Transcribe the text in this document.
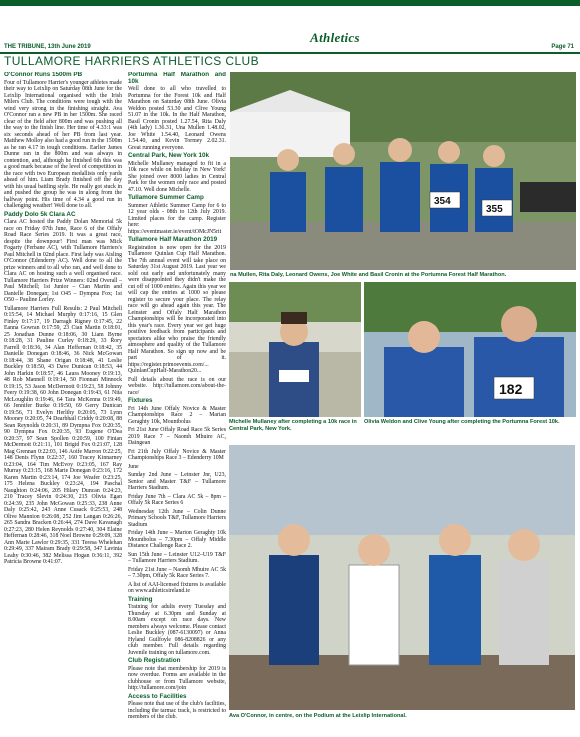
Athletics
THE TRIBUNE, 13th June 2019	Page 71
TULLAMORE HARRIERS ATHLETICS CLUB
O'Connor Runs 1500m PB

Four of Tullamore Harrier's younger athletes made their way to Leixlip on Saturday 08th June for the Leixlip International organised with the Irish Milers Club. The conditions were tough with the wind very strong in the finishing straight. Ava O'Connor ran a new PB in her 1500m. She raced clear of the field after 800m and was pushing all the way to the finish line. Her time of 4.33:1 was six seconds ahead of her PB from last year. Matthew Molloy also had a good run in the 1500m as he ran 4.17 in tough conditions. Earlier James Dunne ran in the 800m and was always in contention, and, although he finished 6th this was a good mark because of the level of competition in the race with two European medallists only yards ahead of him. Liam Brady finished off the day with his usual battling style. He really got stuck in and pushed the group he was in along from the halfway point. His time of 4.34 a good run in challenging weather! Well done to all.

Paddy Dolo 5k Clara AC

Clara AC hosted the Paddy Dolan Memorial 5k race on Friday 07th June, Race 6 of the Offaly Road Race Series 2019. It was a great race, despite the downpour! First man was Mick Fogarty (Ferbane AC), with Tullamore Harriers's Paul Mitchell in 02nd place. First lady was Aisling O'Connor (Edenderry AC). Well done to all the prize winners and to all who ran, and well done to Clara AC on hosting such a well organised race. Tullamore Harriers Prize Winners: 02nd Overall – Paul Mitchell; 1st Junior – Cian Martin and Danielle Donegan; 1st O45 – Dympna Fox; 1st O50 – Pauline Lorley.

Tullamore Harriers Full Results: 2 Paul Mitchell 0:15:54, 14 Michael Murphy 0:17:16, 15 Glen Finley 0:17:17, 19 Darragh Rigney 0:17:45, 22 Eanna Gowran 0:17:59, 23 Cian Martin 0:18:01, 25 Jonathan Dunne 0:18:06, 30 Liam Byrne 0:18:28, 31 Pauline Curley 0:18:29, 33 Rory Farrell 0:18:36, 34 Alan Heffernan 0:18:42, 35 Danielle Donegan 0:18:46, 36 Nick McGowan 0:18:44, 38 Shane Origan 0:18:48, 41 Leslie Buckley 0:18:50, 43 Dave Dunican 0:18:53, 44 John Harkin 0:18:57, 46 Laura Mooney 0:19:13, 48 Rob Mannell 0:19:14, 50 Fionnan Minnock 0:19:15, 53 Jason McDermott 0:19:23, 58 Johnny Feery 0:19:38, 60 John Donegan 0:19:43, 61 Nita McLoughlin 0:19:46, 64 Tara McKenna 0:19:49, 66 Jennifer Burke 0:19:50, 69 Gerry Dunican 0:19:56, 71 Evelyn Herlihy 0:20:05, 73 Lynn Mooney 0:20:05, 74 Dearbhail Criddy 0:20:08, 88 Sean Reynolds 0:20:31, 89 Dympna Fox 0:20:35, 90 Dympna Fox 0:20:35, 93 Eugene O'Dea 0:20:37, 97 Sean Spollen 0:20:59, 100 Finian McDermott 0:21:11, 101 Brigid Fox 0:21:07, 128 Mag Grennan 0:22:03, 146 Aoife Marron 0:22:25, 148 Denis Flynn 0:22:37, 160 Tracey Kinnarney 0:23:04, 164 Tim McEvoy 0:23:05, 167 Ray Murray 0:23:15, 168 Marie Donegan 0:23:16, 172 Karen Martin 0:23:14, 174 Joe Weafer 0:23:25, 175 Helena Buckley 0:23:24, 194 Paschal Naughton 0:24:06, 205 Hilary Duncan 0:24:23, 210 Tracey Slevin 0:24:30, 215 Olivia Egan 0:24:39, 235 John McGowan 0:25:33, 238 Anne Daly 0:25:42, 243 Anne Cusack 0:25:53, 248 Olive Mannion 0:26:08, 252 Jim Langan 0:26:26, 265 Sandra Bracken 0:26:44, 274 Dave Kavanagh 0:27:23, 280 Helen Reynolds 0:27:40, 304 Elaine Heffernan 0:28:46, 318 Noel Browne 0:29:09, 328 Ann Marie Lawlor 0:29:35, 331 Teresa Whelehan 0:29:49, 337 Mairam Brady 0:29:58, 347 Lavinia Leahy 0:30:46, 382 Melissa Hogan 0:36:11, 392 Patricia Browne 0:41:07.

Portumna Half Marathon and 10k

Well done to all who travelled to Portumna for the Forest 10k and Half Marathon on Saturday 08th June. Olivia Weldon posted 53.30 and Clive Young 51.07 in the 10k. In the Half Marathon, Basil Cronin posted 1.27.54, Rita Daly (4th lady) 1.36.31, Una Mullen 1.48.02, Joe White 1.54.40, Leonard Owens 1.54.40, and Kevin Tormey 2.02.31. Great running everyone.

Central Park, New York 10k

Michelle Mullaney managed to fit in a 10k race while on holiday in New York! She joined over 8000 ladies in Central Park for the women only race and posted 47.10. Well done Michelle.

Tullamore Summer Camp

Summer Athletic Summer Camp for 6 to 12 year olds - 08th to 12th July 2019. Limited places for the camp. Register here: https://eventmaster.ie/event/tOMcJN5rit

Tullamore Half Marathon 2019

Registration is now open for the 2019 Tullamore Quinlan Cup Half Marathon. The 7th annual event will take place on Saturday 31st August 2019. Last year we sold out early and unfortunately many were disappointed they didn't make the cut off of 1000 entries. Again this year we will cap the entries at 1000 so please register to secure your place. The relay race will go ahead again this year. The Leinster and Offaly Half Marathon Championships will be incorporated into this year's race. Every year we get huge positive feedback from participants and spectators alike who praise the friendly atmosphere and quality of the Tullamore Half Marathon. So sign up now and be part of it. https://register.primoevents.com/... QuinlanCupHalf-Marathon20...

Full details about the race is on our website. http://tullamore.com/about-the-race/

Fixtures

Fri 14th June Offaly Novice & Master Championships Race 2 – Marian Geraghty 10k, Mountbolus

Fri 21st June Offaly Road Race 5k Series 2019 Race 7 – Naomh Mhuire AC, Daingean

Fri 21th July Offaly Novice & Master Championships Race 3 – Edenderry 10M

June

Sunday 2nd June – Leinster Jnr, U23, Senior and Master T&F – Tullamore Harriers Stadium.

Friday June 7th – Clara AC 5k – 8pm – Offaly 5k Race Series 6

Wednesday 12th June – Colin Dunne Primary Schools T&F, Tullamore Harriers Stadium

Friday 14th June – Marion Geraghty 10k Mountbolus – 7.30pm – Offaly Middle Distance Challenge Race 2.

Sun 15th June – Leinster U12–U19 T&F – Tullamore Harriers Stadium.

Friday 21st June – Naomh Mhuire AC 5k – 7.30pm, Offaly 5k Race Series 7.

A list of AAI-licensed fixtures is available on www.athleticsireland.ie

Training

Training for adults every Tuesday and Thursday at 6.30pm and Sunday at 8.00am except on race days. New members always welcome. Please contact Leslie Buckley (087-6130097) or Anna Hyland Guilfoyle 086-8208826 or any club member. Full details regarding Juvenile training on tullamore.com.

Club Registration

Please note that membership for 2019 is now overdue. Forms are available in the clubhouse or from Tullamore website, http://tullamore.com/join

Access to Facilities

Please note that use of the club's facilities, including the tarmac track, is restricted to members of the club.

354
355
na Mullen, Rita Daly, Leonard Owens, Joe White and Basil Cronin at the Portumna Forest Half Marathon.
Michelle Mullaney after completing a 10k race in Central Park, New York.
182
Olivia Weldon and Clive Young after completing the Portumna Forest 10k.
Ava O'Connor, in centre, on the Podium at the Leixlip International.
